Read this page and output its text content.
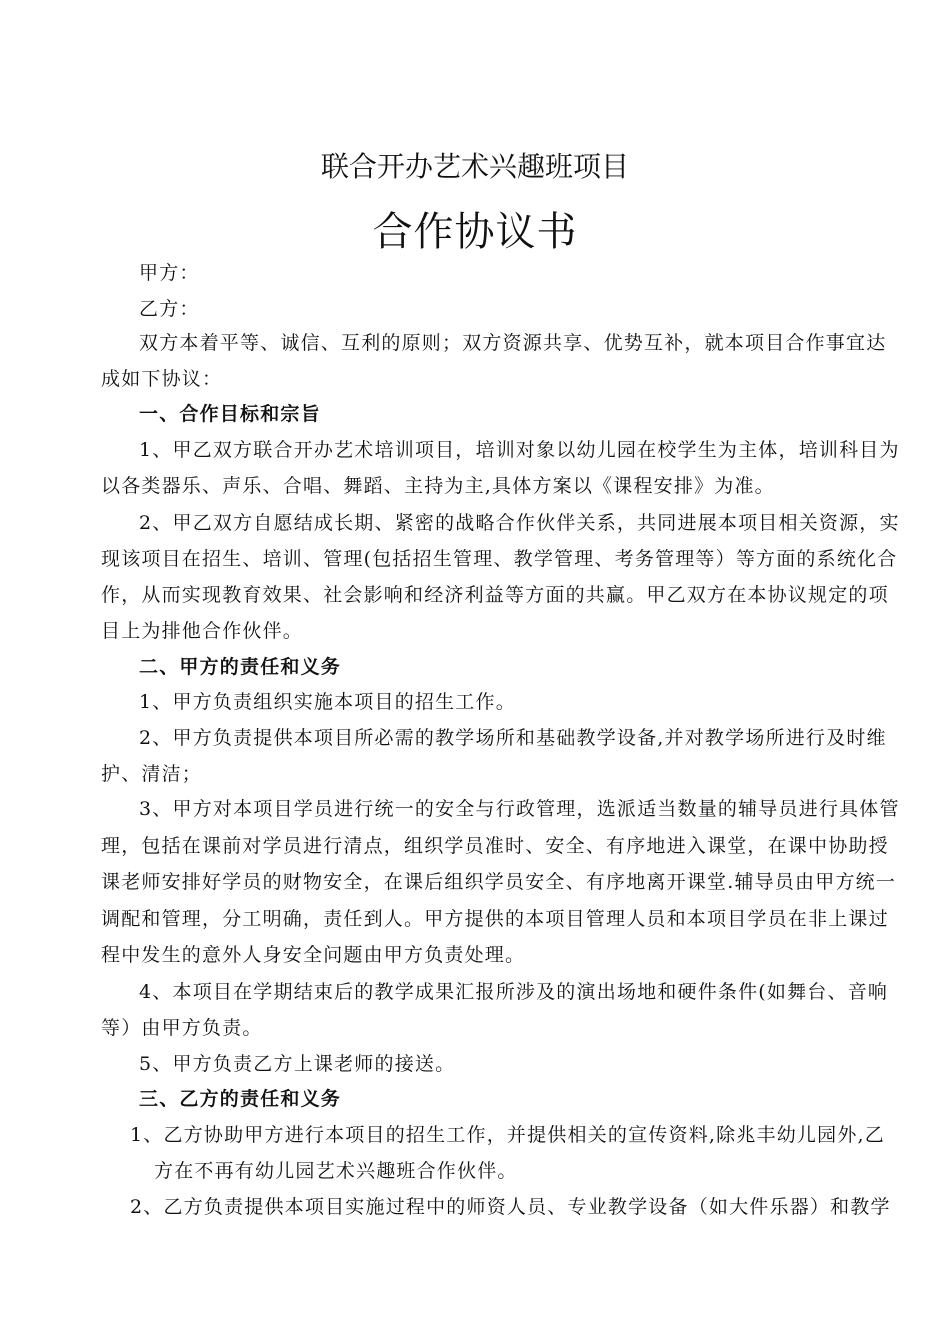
联合开办艺术兴趣班项目
合作协议书
甲方：
乙方：
双方本着平等、诚信、互利的原则；双方资源共享、优势互补，就本项目合作事宜达
成如下协议：
一、合作目标和宗旨
1、甲乙双方联合开办艺术培训项目，培训对象以幼儿园在校学生为主体，培训科目为
以各类器乐、声乐、合唱、舞蹈、主持为主,具体方案以《课程安排》为准。
2、甲乙双方自愿结成长期、紧密的战略合作伙伴关系，共同进展本项目相关资源，实
现该项目在招生、培训、管理(包括招生管理、教学管理、考务管理等）等方面的系统化合
作，从而实现教育效果、社会影响和经济利益等方面的共赢。甲乙双方在本协议规定的项
目上为排他合作伙伴。
二、甲方的责任和义务
1、甲方负责组织实施本项目的招生工作。
2、甲方负责提供本项目所必需的教学场所和基础教学设备,并对教学场所进行及时维
护、清洁；
3、甲方对本项目学员进行统一的安全与行政管理，选派适当数量的辅导员进行具体管
理，包括在课前对学员进行清点，组织学员准时、安全、有序地进入课堂，在课中协助授
课老师安排好学员的财物安全，在课后组织学员安全、有序地离开课堂.辅导员由甲方统一
调配和管理，分工明确，责任到人。甲方提供的本项目管理人员和本项目学员在非上课过
程中发生的意外人身安全问题由甲方负责处理。
4、本项目在学期结束后的教学成果汇报所涉及的演出场地和硬件条件(如舞台、音响
等）由甲方负责。
5、甲方负责乙方上课老师的接送。
三、乙方的责任和义务
1、乙方协助甲方进行本项目的招生工作，并提供相关的宣传资料,除兆丰幼儿园外,乙
方在不再有幼儿园艺术兴趣班合作伙伴。
2、乙方负责提供本项目实施过程中的师资人员、专业教学设备（如大件乐器）和教学
